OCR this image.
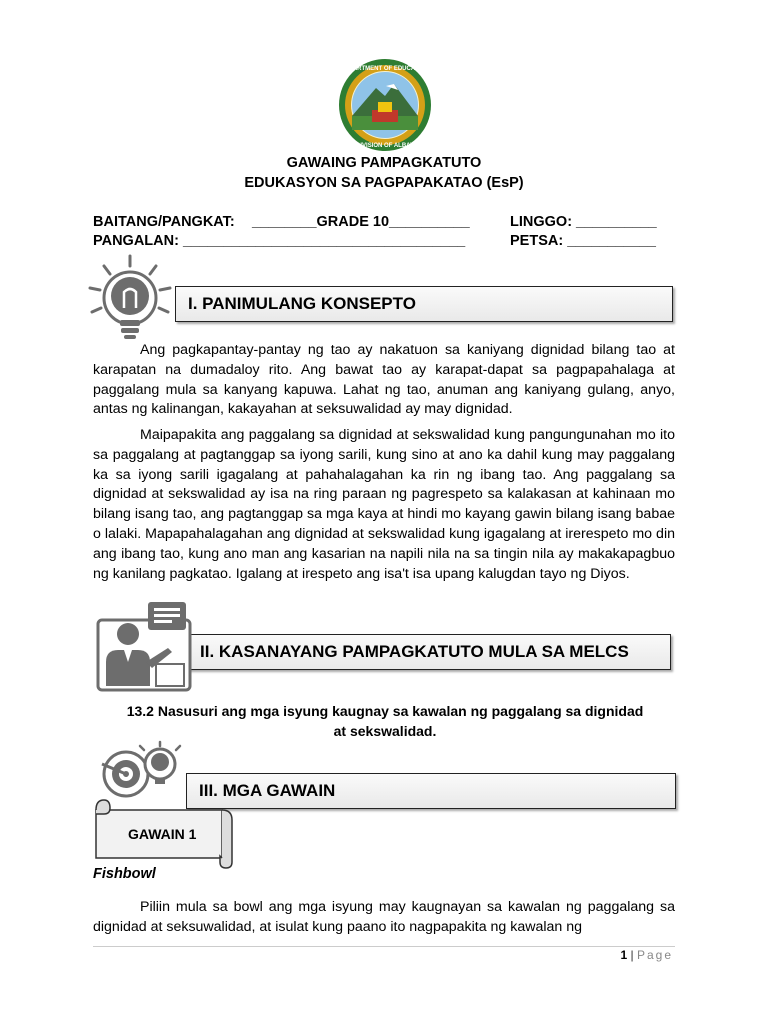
DEPARTMENT OF EDUCATION
DIVISION OF ALBAY
GAWAING PAMPAGKATUTO
EDUKASYON SA PAGPAPAKATAO (EsP)
BAITANG/PANGKAT: ________GRADE 10__________	LINGGO: __________
PANGALAN: ___________________________________	PETSA: ___________
I. PANIMULANG KONSEPTO
Ang pagkapantay-pantay ng tao ay nakatuon sa kaniyang dignidad bilang tao at karapatan na dumadaloy rito. Ang bawat tao ay karapat-dapat sa pagpapahalaga at paggalang mula sa kanyang kapuwa. Lahat ng tao, anuman ang kaniyang gulang, anyo, antas ng kalinangan, kakayahan at seksuwalidad ay may dignidad.
Maipapakita ang paggalang sa dignidad at sekswalidad kung pangungunahan mo ito sa paggalang at pagtanggap sa iyong sarili, kung sino at ano ka dahil kung may paggalang ka sa iyong sarili igagalang at pahahalagahan ka rin ng ibang tao. Ang paggalang sa dignidad at sekswalidad ay isa na ring paraan ng pagrespeto sa kalakasan at kahinaan mo bilang isang tao, ang pagtanggap sa mga kaya at hindi mo kayang gawin bilang isang babae o lalaki. Mapapahalagahan ang dignidad at sekswalidad kung igagalang at irerespeto mo din ang ibang tao, kung ano man ang kasarian na napili nila na sa tingin nila ay makakapagbuo ng kanilang pagkatao. Igalang at irespeto ang isa't isa upang kalugdan tayo ng Diyos.
II. KASANAYANG PAMPAGKATUTO MULA SA MELCS
13.2 Nasusuri ang mga isyung kaugnay sa kawalan ng paggalang sa dignidad
at sekswalidad.
III. MGA GAWAIN
GAWAIN 1
Fishbowl
Piliin mula sa bowl ang mga isyung may kaugnayan sa kawalan ng paggalang sa dignidad at seksuwalidad, at isulat kung paano ito nagpapakita ng kawalan ng
1 | Page
